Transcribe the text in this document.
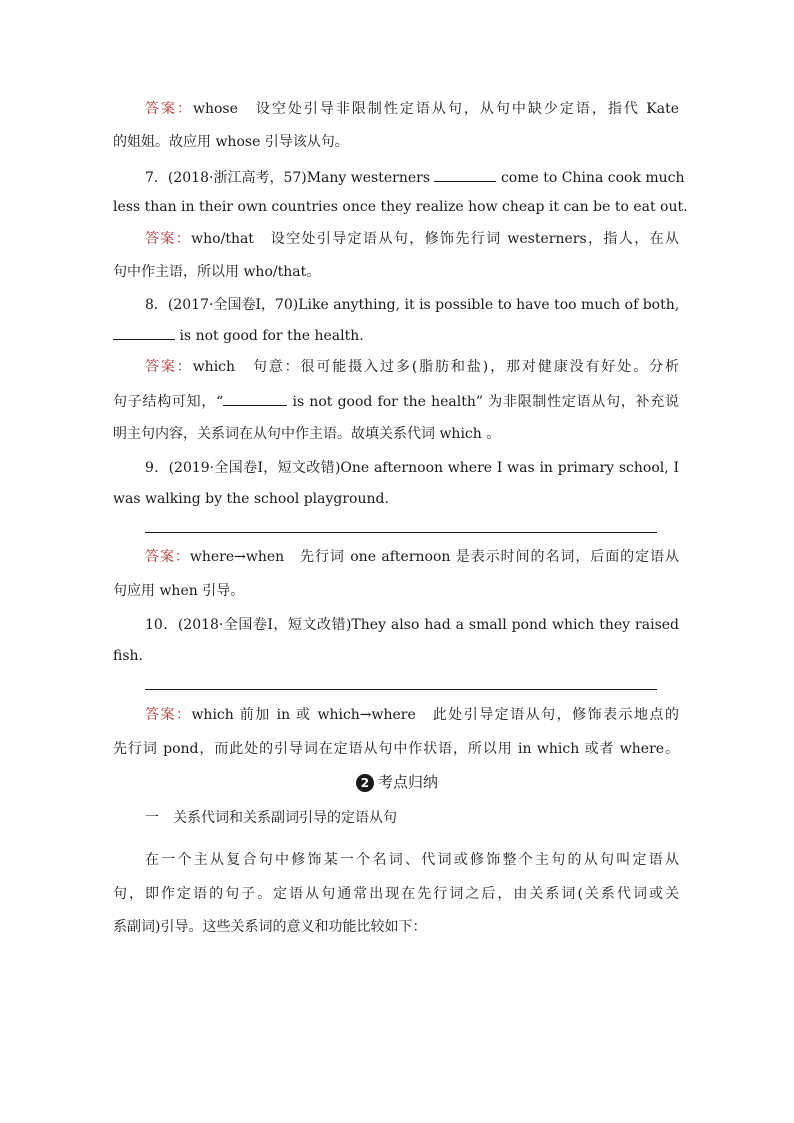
答案：whose　设空处引导非限制性定语从句，从句中缺少定语，指代 Kate
的姐姐。故应用 whose 引导该从句。
7．(2018·浙江高考，57)Many westerners	come to China cook much
less than in their own countries once they realize how cheap it can be to eat out.
答案：who/that　设空处引导定语从句，修饰先行词 westerners，指人，在从
句中作主语，所以用 who/that。
8．(2017·全国卷Ⅰ，70)Like anything, it is possible to have too much of both,
is not good for the health.
答案：which　句意：很可能摄入过多(脂肪和盐)，那对健康没有好处。分析
句子结构可知，“	is not good for the health” 为非限制性定语从句，补充说
明主句内容，关系词在从句中作主语。故填关系代词 which 。
9．(2019·全国卷Ⅰ，短文改错)One afternoon where I was in primary school, I
was walking by the school playground.
答案：where→when　先行词 one afternoon 是表示时间的名词，后面的定语从
句应用 when 引导。
10．(2018·全国卷Ⅰ，短文改错)They also had a small pond which they raised
fish.
答案：which 前加 in 或 which→where　此处引导定语从句，修饰表示地点的
先行词 pond，而此处的引导词在定语从句中作状语，所以用 in which 或者 where。
2 考点归纳
一　关系代词和关系副词引导的定语从句
在一个主从复合句中修饰某一个名词、代词或修饰整个主句的从句叫定语从
句，即作定语的句子。定语从句通常出现在先行词之后，由关系词(关系代词或关
系副词)引导。这些关系词的意义和功能比较如下：
